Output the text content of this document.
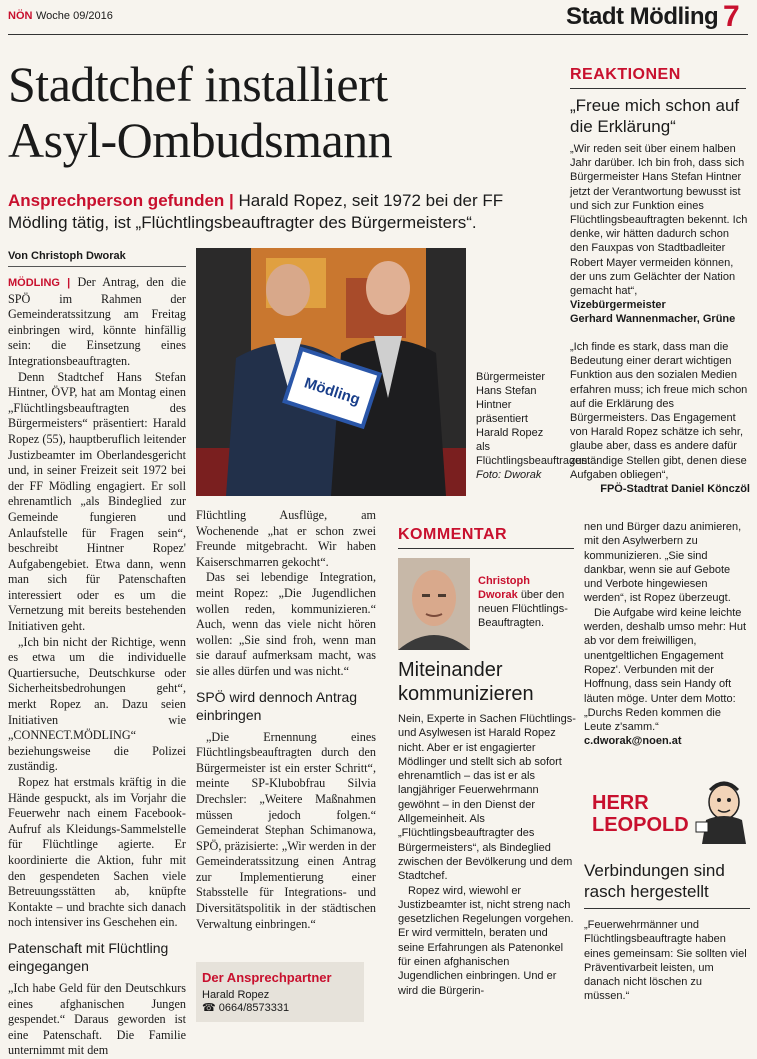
NÖN Woche 09/2016	Stadt Mödling 7
Stadtchef installiert
Asyl-Ombudsmann
Ansprechperson gefunden | Harald Ropez, seit 1972 bei der FF Mödling tätig, ist „Flüchtlingsbeauftragter des Bürgermeisters“.
Von Christoph Dworak

MÖDLING | Der Antrag, den die SPÖ im Rahmen der Gemeinderatssitzung am Freitag einbringen wird, könnte hinfällig sein: die Einsetzung eines Integrationsbeauftragten.

Denn Stadtchef Hans Stefan Hintner, ÖVP, hat am Montag einen „Flüchtlingsbeauftragten des Bürgermeisters“ präsentiert: Harald Ropez (55), hauptberuflich leitender Justizbeamter im Oberlandesgericht und, in seiner Freizeit seit 1972 bei der FF Mödling engagiert. Er soll ehrenamtlich „als Bindeglied zur Gemeinde fungieren und Anlaufstelle für Fragen sein“, beschreibt Hintner Ropez' Aufgabengebiet. Etwa dann, wenn man sich für Patenschaften interessiert oder es um die Vernetzung mit bereits bestehenden Initiativen geht.

„Ich bin nicht der Richtige, wenn es etwa um die individuelle Quartiersuche, Deutschkurse oder Sicherheitsbedrohungen geht“, merkt Ropez an. Dazu seien Initiativen wie „CONNECT.MÖDLING“ beziehungsweise die Polizei zuständig.

Ropez hat erstmals kräftig in die Hände gespuckt, als im Vorjahr die Feuerwehr nach einem Facebook-Aufruf als Kleidungs-Sammelstelle für Flüchtlinge agierte. Er koordinierte die Aktion, fuhr mit den gespendeten Sachen viele Betreuungsstätten ab, knüpfte Kontakte – und brachte sich danach noch intensiver ins Geschehen ein.

Patenschaft mit Flüchtling eingegangen

„Ich habe Geld für den Deutschkurs eines afghanischen Jungen gespendet.“ Daraus geworden ist eine Patenschaft. Die Familie unternimmt mit dem

Mödling	Bürgermeister Hans Stefan Hintner präsentiert Harald Ropez als Flüchtlingsbeauftragen. Foto: Dworak

Flüchtling Ausflüge, am Wochenende „hat er schon zwei Freunde mitgebracht. Wir haben Kaiserschmarren gekocht“.

Das sei lebendige Integration, meint Ropez: „Die Jugendlichen wollen reden, kommunizieren.“ Auch, wenn das viele nicht hören wollen: „Sie sind froh, wenn man sie darauf aufmerksam macht, was sie alles dürfen und was nicht.“

SPÖ wird dennoch Antrag einbringen

„Die Ernennung eines Flüchtlingsbeauftragten durch den Bürgermeister ist ein erster Schritt“, meinte SP-Klubobfrau Silvia Drechsler: „Weitere Maßnahmen müssen jedoch folgen.“ Gemeinderat Stephan Schimanowa, SPÖ, präzisierte: „Wir werden in der Gemeinderatssitzung einen Antrag zur Implementierung einer Stabsstelle für Integrations- und Diversitätspolitik in der städtischen Verwaltung einbringen.“

Der Ansprechpartner
Harald Ropez
☎ 0664/8573331
REAKTIONEN
„Freue mich schon auf die Erklärung“
„Wir reden seit über einem halben Jahr darüber. Ich bin froh, dass sich Bürgermeister Hans Stefan Hintner jetzt der Verantwortung bewusst ist und sich zur Funktion eines Flüchtlingsbeauftragten bekennt. Ich denke, wir hätten dadurch schon den Fauxpas von Stadtbadleiter Robert Mayer vermeiden können, der uns zum Gelächter der Nation gemacht hat“,
Vizebürgermeister
Gerhard Wannenmacher, Grüne
„Ich finde es stark, dass man die Bedeutung einer derart wichtigen Funktion aus den sozialen Medien erfahren muss; ich freue mich schon auf die Erklärung des Bürgermeisters. Das Engagement von Harald Ropez schätze ich sehr, glaube aber, dass es andere dafür zuständige Stellen gibt, denen diese Aufgaben obliegen“,
FPÖ-Stadtrat Daniel Könczöl
KOMMENTAR
Christoph Dworak über den neuen Flüchtlings-Beauftragten.
Miteinander kommunizieren

Nein, Experte in Sachen Flüchtlings- und Asylwesen ist Harald Ropez nicht. Aber er ist engagierter Mödlinger und stellt sich ab sofort ehrenamtlich – das ist er als langjähriger Feuerwehrmann gewöhnt – in den Dienst der Allgemeinheit. Als „Flüchtlingsbeauftragter des Bürgermeisters“, als Bindeglied zwischen der Bevölkerung und dem Stadtchef.

Ropez wird, wiewohl er Justizbeamter ist, nicht streng nach gesetzlichen Regelungen vorgehen. Er wird vermitteln, beraten und seine Erfahrungen als Patenonkel für einen afghanischen Jugendlichen einbringen. Und er wird die Bürgerin-

nen und Bürger dazu animieren, mit den Asylwerbern zu kommunizieren. „Sie sind dankbar, wenn sie auf Gebote und Verbote hingewiesen werden“, ist Ropez überzeugt.

Die Aufgabe wird keine leichte werden, deshalb umso mehr: Hut ab vor dem freiwilligen, unentgeltlichen Engagement Ropez'. Verbunden mit der Hoffnung, dass sein Handy oft läuten möge. Unter dem Motto: „Durchs Reden kommen die Leute z'samm.“

c.dworak@noen.at
HERR
LEOPOLD
Verbindungen sind rasch hergestellt
„Feuerwehrmänner und Flüchtlingsbeauftragte haben eines gemeinsam: Sie sollten viel Präventivarbeit leisten, um danach nicht löschen zu müssen.“
